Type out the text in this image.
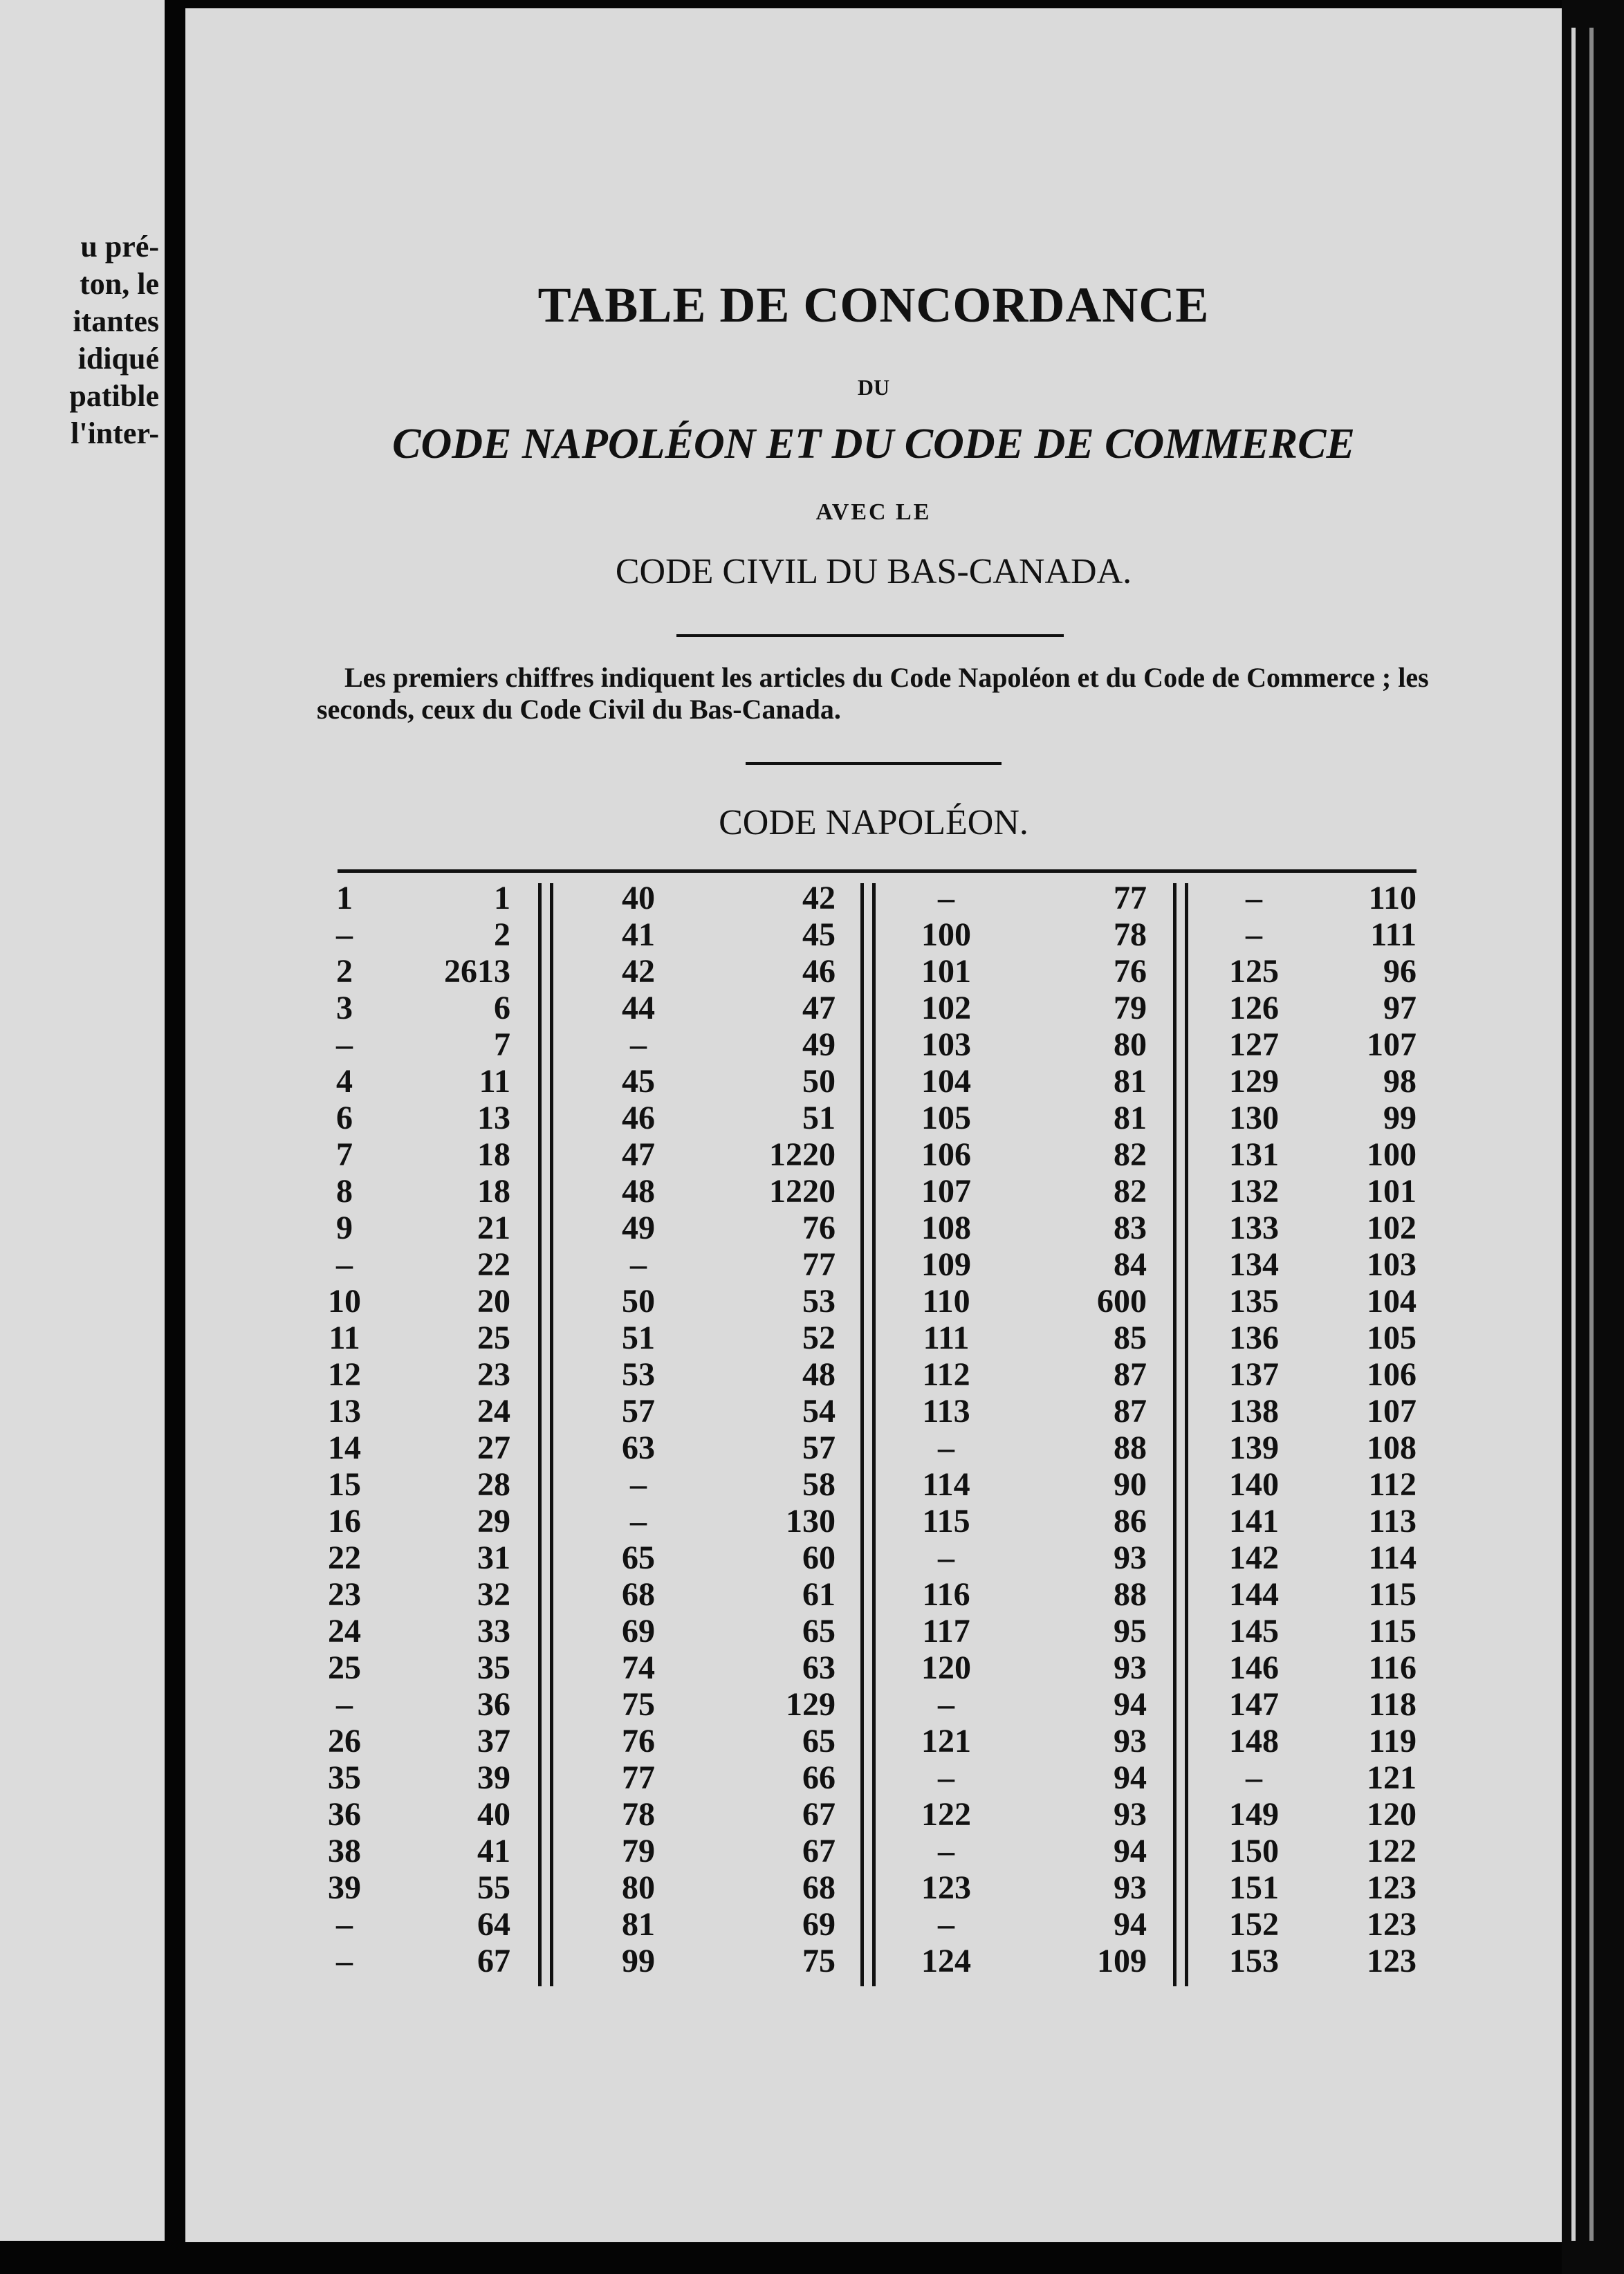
u pré-
ton, le
itantes
idiqué
patible
l'inter-
TABLE DE CONCORDANCE
DU
CODE NAPOLÉON ET DU CODE DE COMMERCE
AVEC LE
CODE CIVIL DU BAS-CANADA.
Les premiers chiffres indiquent les articles du Code Napoléon et du Code de Commerce ; les seconds, ceux du Code Civil du Bas-Canada.
CODE NAPOLÉON.
1
–
2
3
–
4
6
7
8
9
–
10
11
12
13
14
15
16
22
23
24
25
–
26
35
36
38
39
–
–
1
2
2613
6
7
11
13
18
18
21
22
20
25
23
24
27
28
29
31
32
33
35
36
37
39
40
41
55
64
67
40
41
42
44
–
45
46
47
48
49
–
50
51
53
57
63
–
–
65
68
69
74
75
76
77
78
79
80
81
99
42
45
46
47
49
50
51
1220
1220
76
77
53
52
48
54
57
58
130
60
61
65
63
129
65
66
67
67
68
69
75
–
100
101
102
103
104
105
106
107
108
109
110
111
112
113
–
114
115
–
116
117
120
–
121
–
122
–
123
–
124
77
78
76
79
80
81
81
82
82
83
84
600
85
87
87
88
90
86
93
88
95
93
94
93
94
93
94
93
94
109
–
–
125
126
127
129
130
131
132
133
134
135
136
137
138
139
140
141
142
144
145
146
147
148
–
149
150
151
152
153
110
111
96
97
107
98
99
100
101
102
103
104
105
106
107
108
112
113
114
115
115
116
118
119
121
120
122
123
123
123
